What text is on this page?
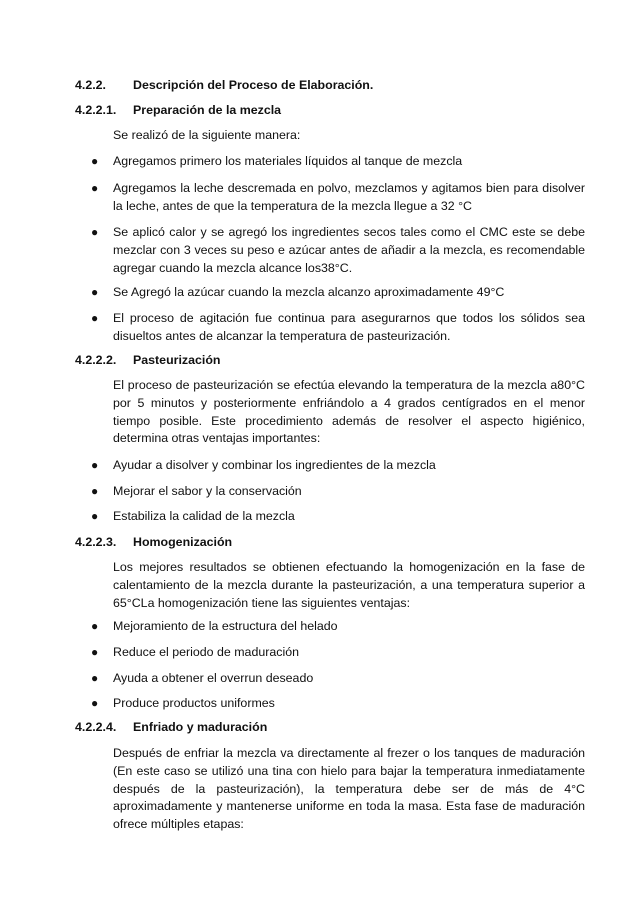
4.2.2. Descripción del Proceso de Elaboración.
4.2.2.1. Preparación de la mezcla
Se realizó de la siguiente manera:
● Agregamos primero los materiales líquidos al tanque de mezcla
● Agregamos la leche descremada en polvo, mezclamos y agitamos bien para disolver la leche, antes de que la temperatura de la mezcla llegue a 32 °C
● Se aplicó calor y se agregó los ingredientes secos tales como el CMC este se debe mezclar con 3 veces su peso e azúcar antes de añadir a la mezcla, es recomendable agregar cuando la mezcla alcance los38°C.
● Se Agregó la azúcar cuando la mezcla alcanzo aproximadamente 49°C
● El proceso de agitación fue continua para asegurarnos que todos los sólidos sea disueltos antes de alcanzar la temperatura de pasteurización.
4.2.2.2. Pasteurización
El proceso de pasteurización se efectúa elevando la temperatura de la mezcla a80°C por 5 minutos y posteriormente enfriándolo a 4 grados centígrados en el menor tiempo posible. Este procedimiento además de resolver el aspecto higiénico, determina otras ventajas importantes:
● Ayudar a disolver y combinar los ingredientes de la mezcla
● Mejorar el sabor y la conservación
● Estabiliza la calidad de la mezcla
4.2.2.3. Homogenización
Los mejores resultados se obtienen efectuando la homogenización en la fase de calentamiento de la mezcla durante la pasteurización, a una temperatura superior a 65°CLa homogenización tiene las siguientes ventajas:
● Mejoramiento de la estructura del helado
● Reduce el periodo de maduración
● Ayuda a obtener el overrun deseado
● Produce productos uniformes
4.2.2.4. Enfriado y maduración
Después de enfriar la mezcla va directamente al frezer o los tanques de maduración (En este caso se utilizó una tina con hielo para bajar la temperatura inmediatamente después de la pasteurización), la temperatura debe ser de más de 4°C aproximadamente y mantenerse uniforme en toda la masa. Esta fase de maduración ofrece múltiples etapas:
